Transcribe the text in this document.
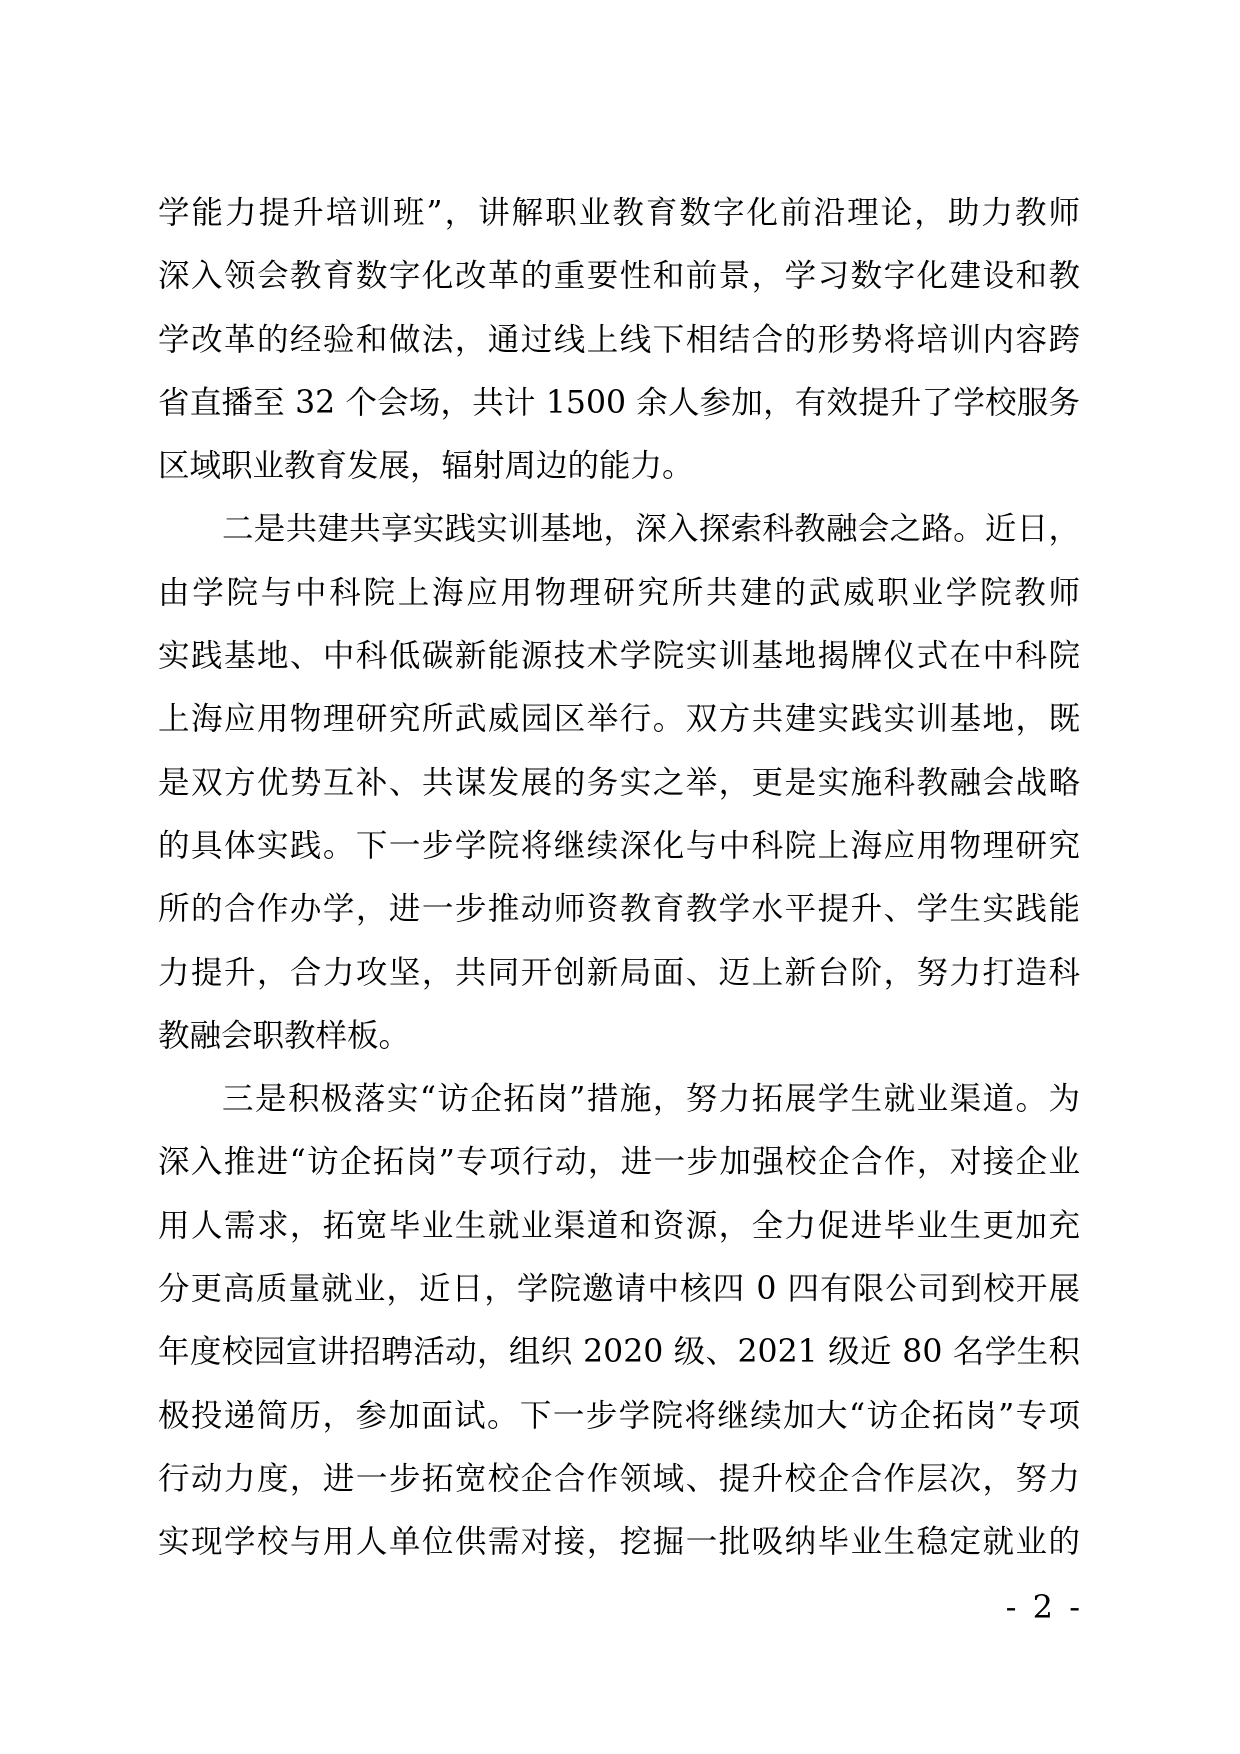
学能力提升培训班”，讲解职业教育数字化前沿理论，助力教师
深入领会教育数字化改革的重要性和前景，学习数字化建设和教
学改革的经验和做法，通过线上线下相结合的形势将培训内容跨
省直播至 32 个会场，共计 1500 余人参加，有效提升了学校服务
区域职业教育发展，辐射周边的能力。
二是共建共享实践实训基地，深入探索科教融会之路。近日，
由学院与中科院上海应用物理研究所共建的武威职业学院教师
实践基地、中科低碳新能源技术学院实训基地揭牌仪式在中科院
上海应用物理研究所武威园区举行。双方共建实践实训基地，既
是双方优势互补、共谋发展的务实之举，更是实施科教融会战略
的具体实践。下一步学院将继续深化与中科院上海应用物理研究
所的合作办学，进一步推动师资教育教学水平提升、学生实践能
力提升，合力攻坚，共同开创新局面、迈上新台阶，努力打造科
教融会职教样板。
三是积极落实“访企拓岗”措施，努力拓展学生就业渠道。为
深入推进“访企拓岗”专项行动，进一步加强校企合作，对接企业
用人需求，拓宽毕业生就业渠道和资源，全力促进毕业生更加充
分更高质量就业，近日，学院邀请中核四 0 四有限公司到校开展
年度校园宣讲招聘活动，组织 2020 级、2021 级近 80 名学生积
极投递简历，参加面试。下一步学院将继续加大“访企拓岗”专项
行动力度，进一步拓宽校企合作领域、提升校企合作层次，努力
实现学校与用人单位供需对接，挖掘一批吸纳毕业生稳定就业的
- 2 -
